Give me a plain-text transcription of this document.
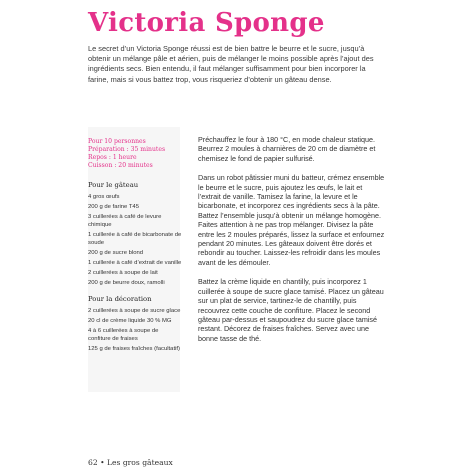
Victoria Sponge

Le secret d’un Victoria Sponge réussi est de bien battre le beurre et le sucre, jusqu’à obtenir un mélange pâle et aérien, puis de mélanger le moins possible après l’ajout des ingrédients secs. Bien entendu, il faut mélanger suffisamment pour bien incorporer la farine, mais si vous battez trop, vous risqueriez d’obtenir un gâteau dense.

Pour 10 personnes
Préparation : 35 minutes
Repos : 1 heure
Cuisson : 20 minutes
Pour le gâteau
4 gros œufs
200 g de farine T45
3 cuillerées à café de levure chimique
1 cuillerée à café de bicarbonate de soude
200 g de sucre blond
1 cuillerée à café d’extrait de vanille
2 cuillerées à soupe de lait
200 g de beurre doux, ramolli
Pour la décoration
2 cuillerées à soupe de sucre glace
20 cl de crème liquide 30 % MG
4 à 6 cuillerées à soupe de confiture de fraises
125 g de fraises fraîches (facultatif)

Préchauffez le four à 180 °C, en mode chaleur statique. Beurrez 2 moules à charnières de 20 cm de diamètre et chemisez le fond de papier sulfurisé.

Dans un robot pâtissier muni du batteur, crémez ensemble le beurre et le sucre, puis ajoutez les œufs, le lait et l’extrait de vanille. Tamisez la farine, la levure et le bicarbonate, et incorporez ces ingrédients secs à la pâte. Battez l’ensemble jusqu’à obtenir un mélange homogène. Faites attention à ne pas trop mélanger. Divisez la pâte entre les 2 moules préparés, lissez la surface et enfournez pendant 20 minutes. Les gâteaux doivent être dorés et rebondir au toucher. Laissez-les refroidir dans les moules avant de les démouler.

Battez la crème liquide en chantilly, puis incorporez 1 cuillerée à soupe de sucre glace tamisé. Placez un gâteau sur un plat de service, tartinez-le de chantilly, puis recouvrez cette couche de confiture. Placez le second gâteau par-dessus et saupoudrez du sucre glace tamisé restant. Décorez de fraises fraîches. Servez avec une bonne tasse de thé.

62 • Les gros gâteaux
